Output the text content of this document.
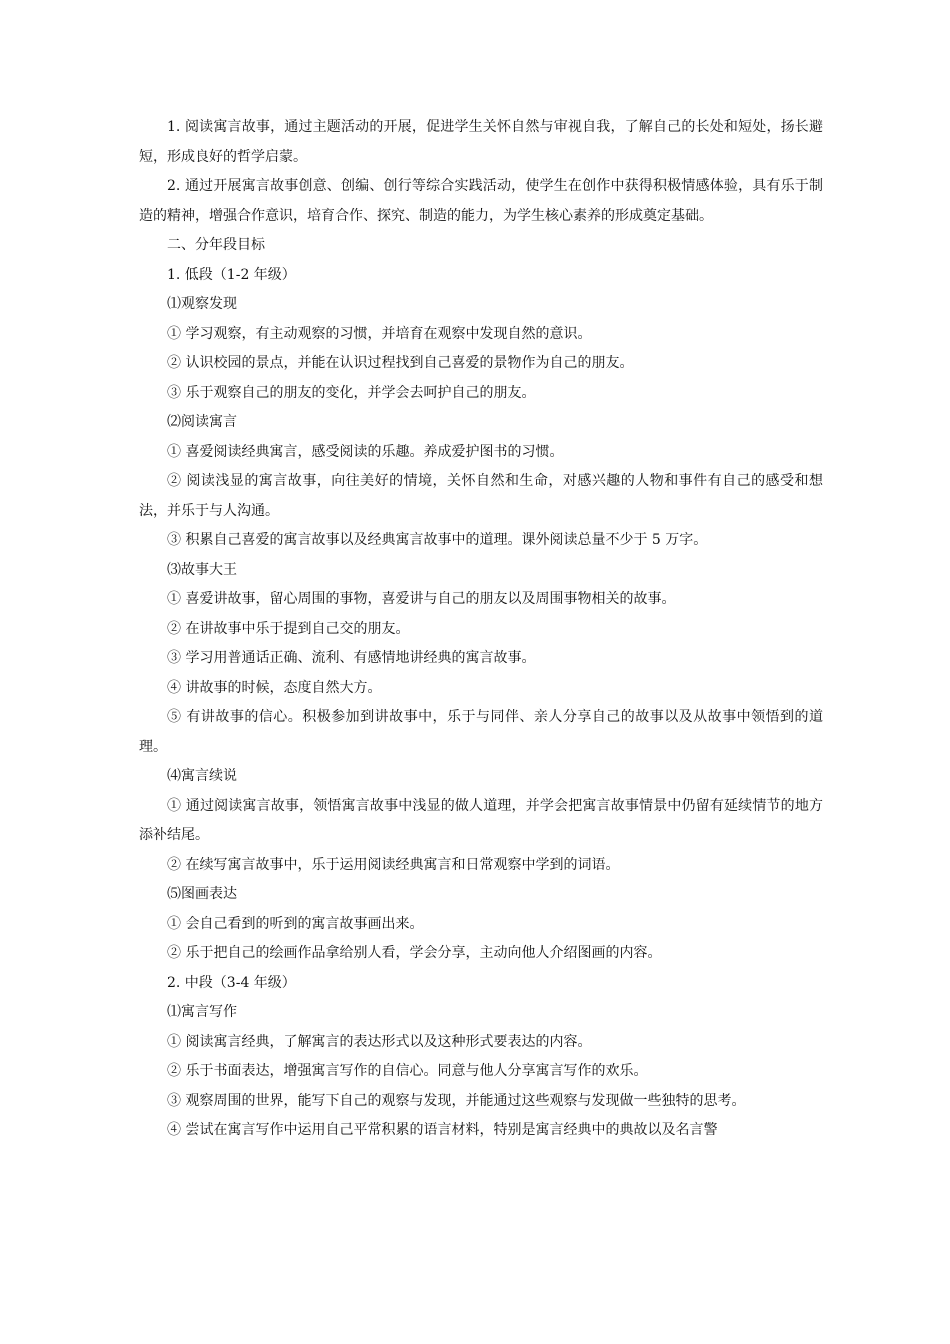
1. 阅读寓言故事，通过主题活动的开展，促进学生关怀自然与审视自我，了解自己的长处和短处，扬长避短，形成良好的哲学启蒙。

2. 通过开展寓言故事创意、创编、创行等综合实践活动，使学生在创作中获得积极情感体验，具有乐于制造的精神，增强合作意识，培育合作、探究、制造的能力，为学生核心素养的形成奠定基础。

二、分年段目标

1. 低段（1-2 年级）

⑴观察发现

① 学习观察，有主动观察的习惯，并培育在观察中发现自然的意识。

② 认识校园的景点，并能在认识过程找到自己喜爱的景物作为自己的朋友。

③ 乐于观察自己的朋友的变化，并学会去呵护自己的朋友。

⑵阅读寓言

① 喜爱阅读经典寓言，感受阅读的乐趣。养成爱护图书的习惯。

② 阅读浅显的寓言故事，向往美好的情境，关怀自然和生命，对感兴趣的人物和事件有自己的感受和想法，并乐于与人沟通。

③ 积累自己喜爱的寓言故事以及经典寓言故事中的道理。课外阅读总量不少于 5 万字。

⑶故事大王

① 喜爱讲故事，留心周围的事物，喜爱讲与自己的朋友以及周围事物相关的故事。

② 在讲故事中乐于提到自己交的朋友。

③ 学习用普通话正确、流利、有感情地讲经典的寓言故事。

④ 讲故事的时候，态度自然大方。

⑤ 有讲故事的信心。积极参加到讲故事中，乐于与同伴、亲人分享自己的故事以及从故事中领悟到的道理。

⑷寓言续说

① 通过阅读寓言故事，领悟寓言故事中浅显的做人道理，并学会把寓言故事情景中仍留有延续情节的地方添补结尾。

② 在续写寓言故事中，乐于运用阅读经典寓言和日常观察中学到的词语。

⑸图画表达

① 会自己看到的听到的寓言故事画出来。

② 乐于把自己的绘画作品拿给别人看，学会分享，主动向他人介绍图画的内容。

2. 中段（3-4 年级）

⑴寓言写作

① 阅读寓言经典，了解寓言的表达形式以及这种形式要表达的内容。

② 乐于书面表达，增强寓言写作的自信心。同意与他人分享寓言写作的欢乐。

③ 观察周围的世界，能写下自己的观察与发现，并能通过这些观察与发现做一些独特的思考。

④ 尝试在寓言写作中运用自己平常积累的语言材料，特别是寓言经典中的典故以及名言警
